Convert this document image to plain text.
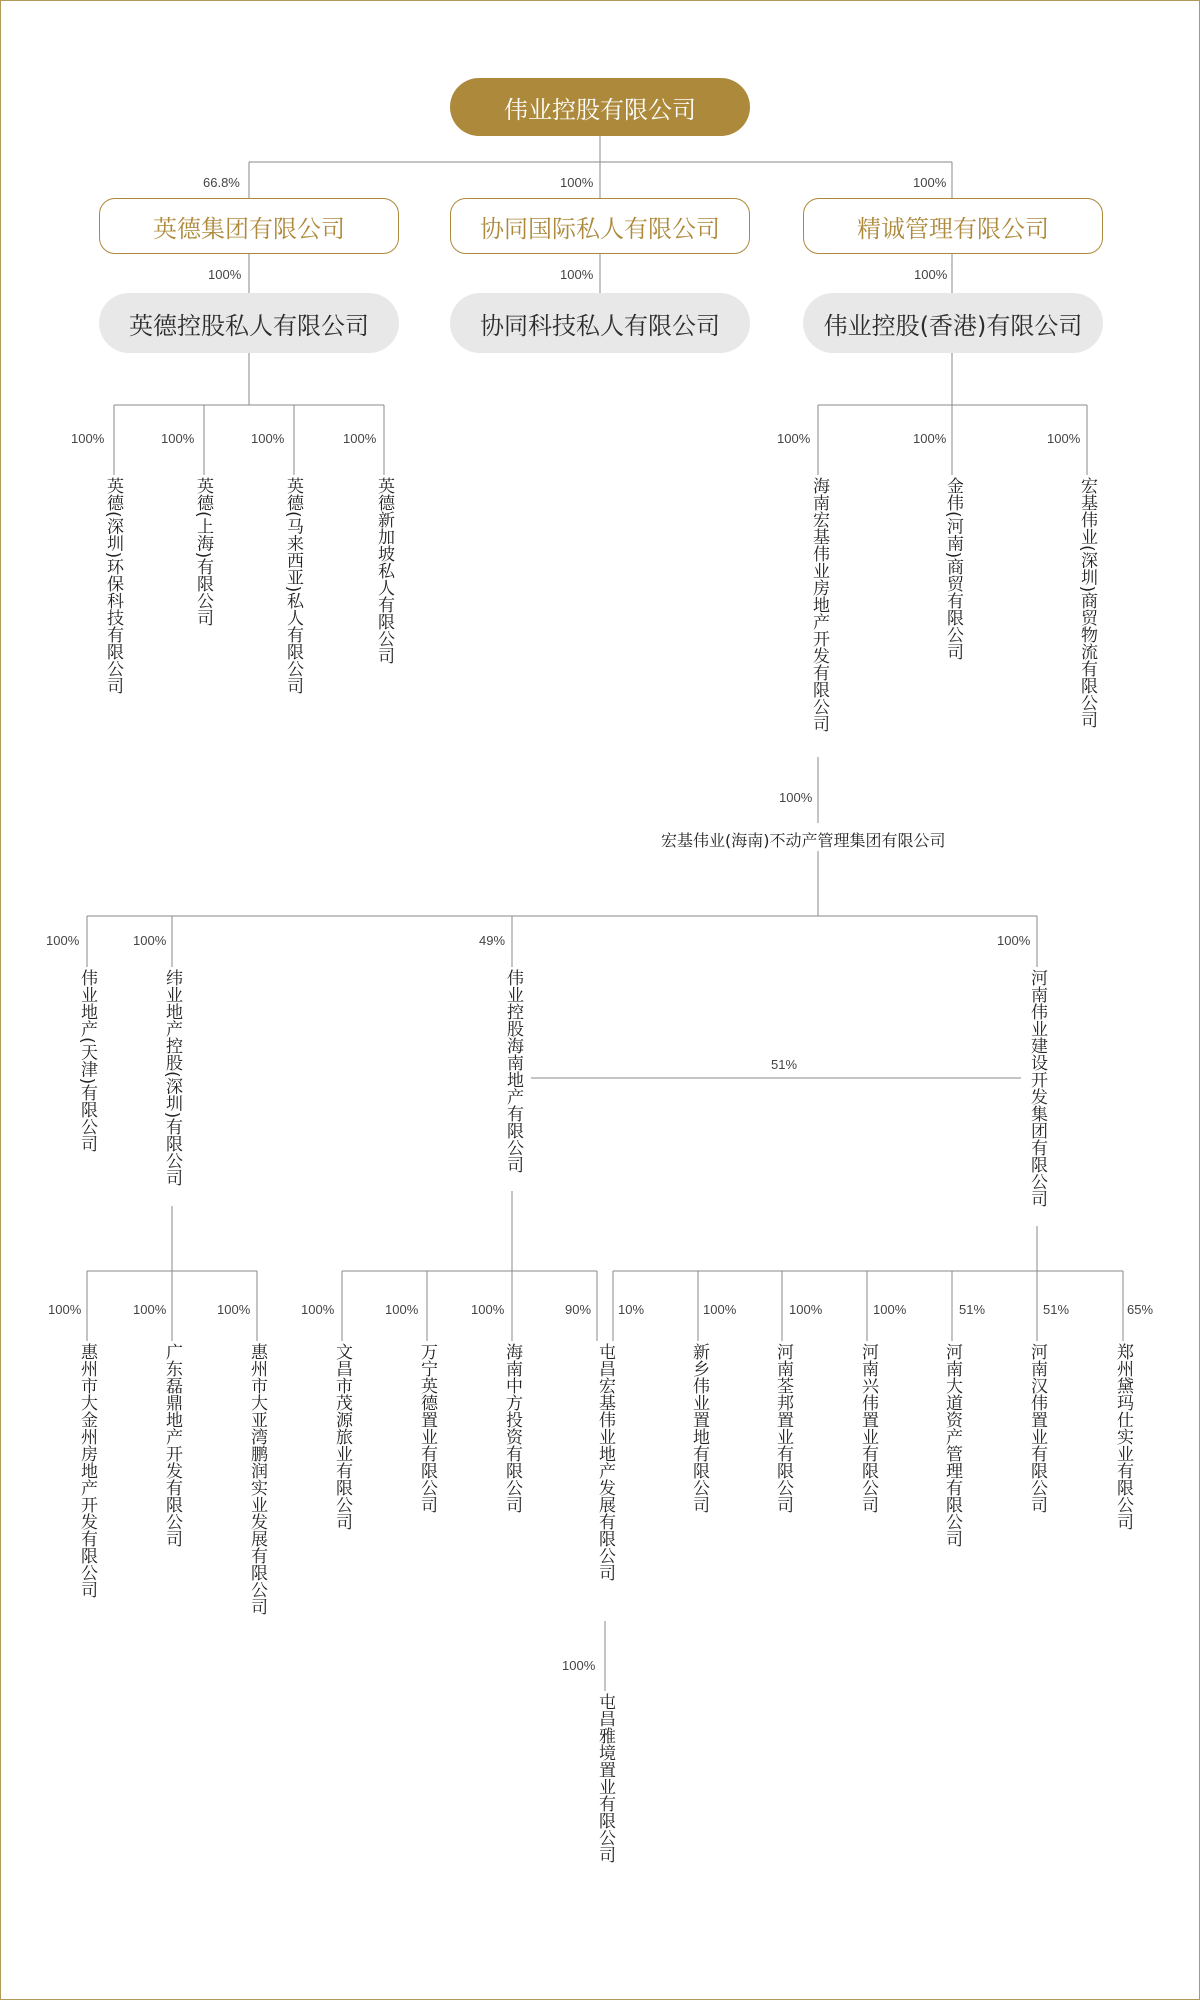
伟业控股有限公司
66.8%	100%	100%
英德集团有限公司	协同国际私人有限公司	精诚管理有限公司
100%	100%	100%
英德控股私人有限公司	协同科技私人有限公司	伟业控股(香港)有限公司
100%	100%	100%	100%
英德(深圳)环保科技有限公司	英德(上海)有限公司	英德(马来西亚)私人有限公司	英德新加坡私人有限公司
100%	100%	100%
海南宏基伟业房地产开发有限公司	金伟(河南)商贸有限公司	宏基伟业(深圳)商贸物流有限公司
100%
宏基伟业(海南)不动产管理集团有限公司
100%	100%	49%	100%
伟业地产(天津)有限公司	纬业地产控股(深圳)有限公司	伟业控股海南地产有限公司	河南伟业建设开发集团有限公司
51%
100%	100%	100%
惠州市大金州房地产开发有限公司	广东磊鼎地产开发有限公司	惠州市大亚湾鹏润实业发展有限公司
100%	100%	100%	90%
文昌市茂源旅业有限公司	万宁英德置业有限公司	海南中方投资有限公司	屯昌宏基伟业地产发展有限公司
10%	100%	100%	100%	51%	51%	65%
新乡伟业置地有限公司	河南荃邦置业有限公司	河南兴伟置业有限公司	河南大道资产管理有限公司	河南汉伟置业有限公司	郑州黛玛仕实业有限公司
100%
屯昌雅境置业有限公司
